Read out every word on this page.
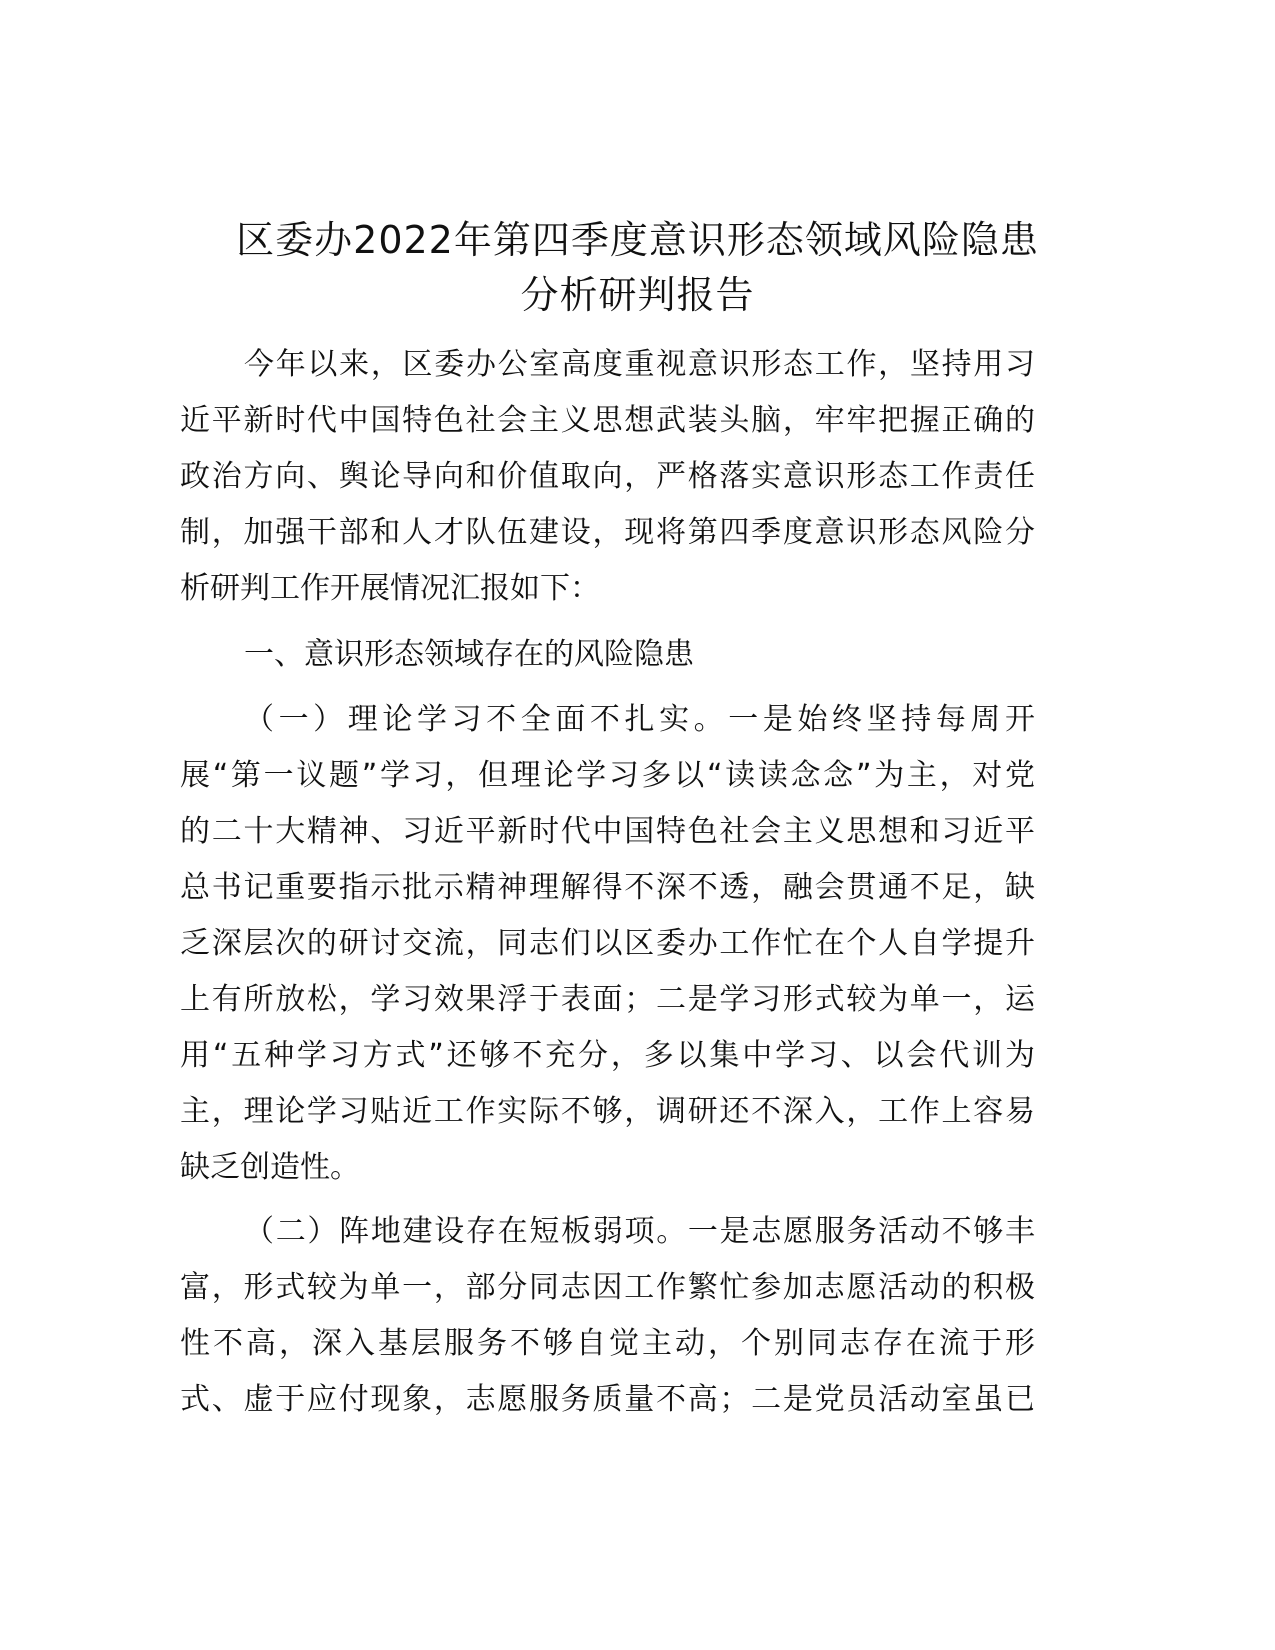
区委办2022年第四季度意识形态领域风险隐患
分析研判报告
今年以来，区委办公室高度重视意识形态工作，坚持用习
近平新时代中国特色社会主义思想武装头脑，牢牢把握正确的
政治方向、舆论导向和价值取向，严格落实意识形态工作责任
制，加强干部和人才队伍建设，现将第四季度意识形态风险分
析研判工作开展情况汇报如下：
一、意识形态领域存在的风险隐患
（一）理论学习不全面不扎实。一是始终坚持每周开
展“第一议题”学习，但理论学习多以“读读念念”为主，对党
的二十大精神、习近平新时代中国特色社会主义思想和习近平
总书记重要指示批示精神理解得不深不透，融会贯通不足，缺
乏深层次的研讨交流，同志们以区委办工作忙在个人自学提升
上有所放松，学习效果浮于表面；二是学习形式较为单一，运
用“五种学习方式”还够不充分，多以集中学习、以会代训为
主，理论学习贴近工作实际不够，调研还不深入，工作上容易
缺乏创造性。
（二）阵地建设存在短板弱项。一是志愿服务活动不够丰
富，形式较为单一，部分同志因工作繁忙参加志愿活动的积极
性不高，深入基层服务不够自觉主动，个别同志存在流于形
式、虚于应付现象，志愿服务质量不高；二是党员活动室虽已
